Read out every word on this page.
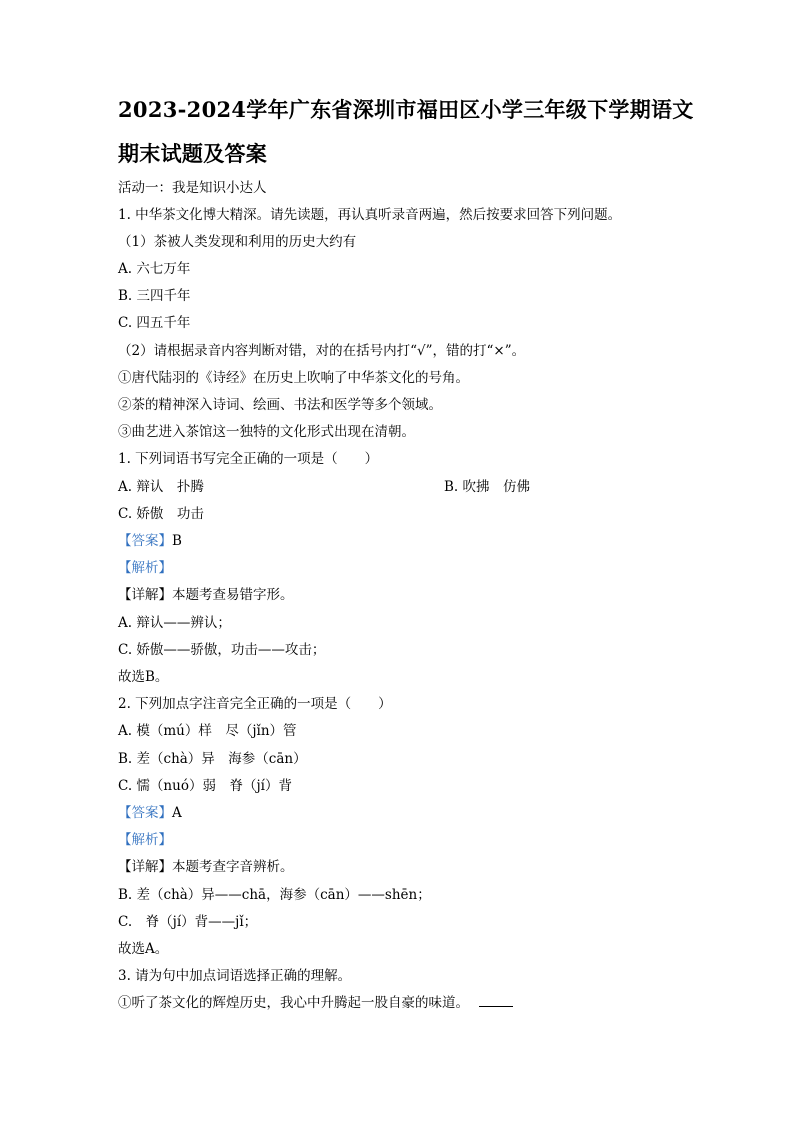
2023-2024学年广东省深圳市福田区小学三年级下学期语文
期末试题及答案
活动一：我是知识小达人
1. 中华茶文化博大精深。请先读题，再认真听录音两遍，然后按要求回答下列问题。
（1）茶被人类发现和利用的历史大约有
A. 六七万年
B. 三四千年
C. 四五千年
（2）请根据录音内容判断对错，对的在括号内打“√”，错的打“×”。
①唐代陆羽的《诗经》在历史上吹响了中华茶文化的号角。
②茶的精神深入诗词、绘画、书法和医学等多个领域。
③曲艺进入茶馆这一独特的文化形式出现在清朝。
1. 下列词语书写完全正确的一项是（　　）
A. 辩认　扑腾	B. 吹拂　仿佛
C. 娇傲　功击
【答案】B
【解析】
【详解】本题考查易错字形。
A. 辩认——辨认；
C. 娇傲——骄傲，功击——攻击；
故选B。
2. 下列加点字注音完全正确的一项是（　　）
A. 模（mú）样　尽（jǐn）管
B. 差（chà）异　海参（cān）
C. 懦（nuó）弱　脊（jí）背
【答案】A
【解析】
【详解】本题考查字音辨析。
B. 差（chà）异——chā，海参（cān）——shēn；
C.　脊（jí）背——jǐ；
故选A。
3. 请为句中加点词语选择正确的理解。
①听了茶文化的辉煌历史，我心中升腾起一股自豪的味道。
